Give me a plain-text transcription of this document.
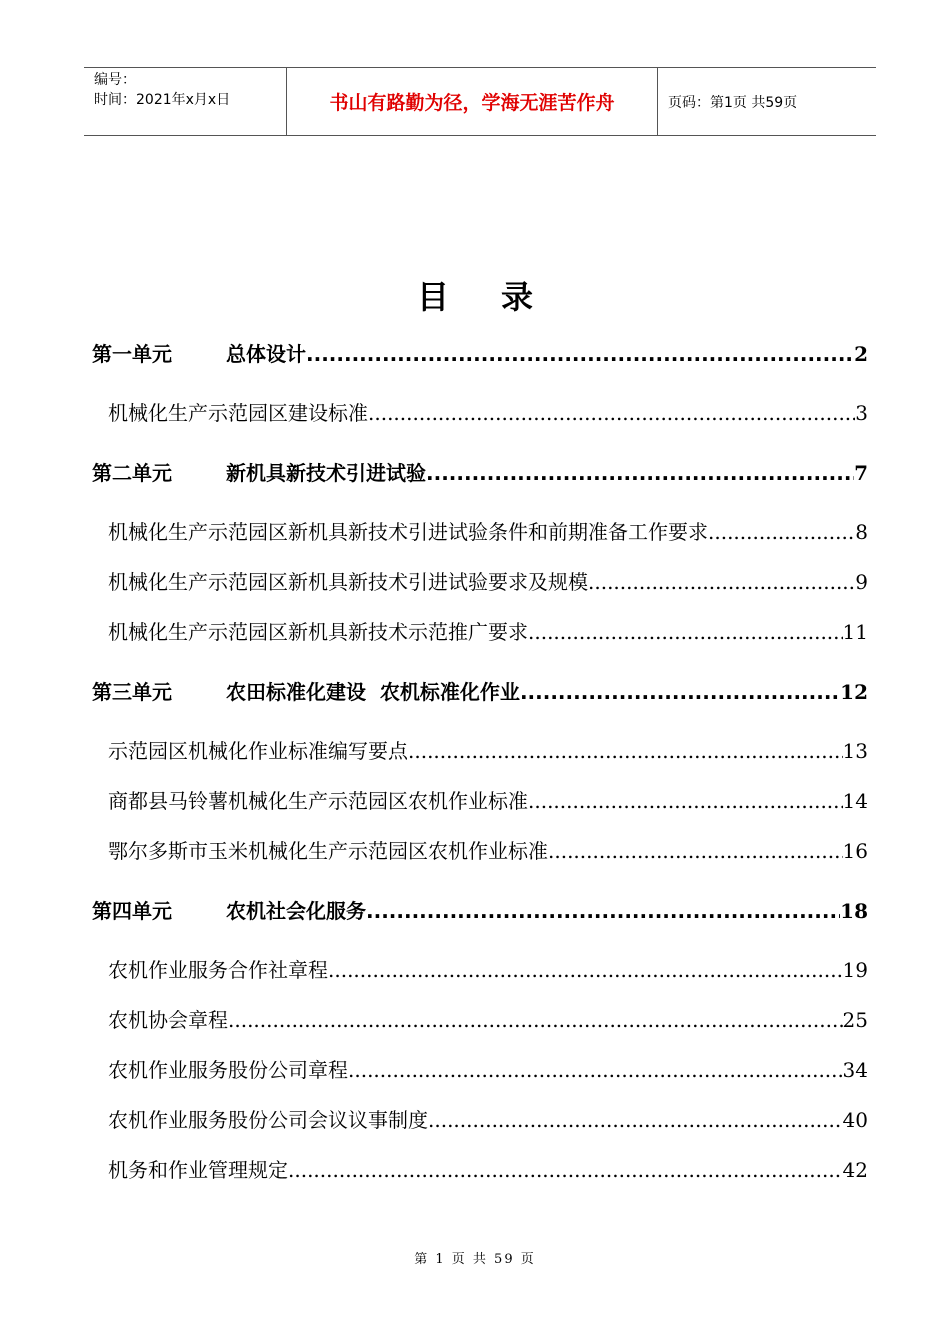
编号：
时间：2021年x月x日	书山有路勤为径，学海无涯苦作舟	页码：第1页 共59页
目录
第一单元	总体设计 .....	2
机械化生产示范园区建设标准 .....	3
第二单元	新机具新技术引进试验 .....	7
机械化生产示范园区新机具新技术引进试验条件和前期准备工作要求 .....	8
机械化生产示范园区新机具新技术引进试验要求及规模 .....	9
机械化生产示范园区新机具新技术示范推广要求 .....	11
第三单元	农田标准化建设  农机标准化作业 .....	12
示范园区机械化作业标准编写要点 .....	13
商都县马铃薯机械化生产示范园区农机作业标准 .....	14
鄂尔多斯市玉米机械化生产示范园区农机作业标准 .....	16
第四单元	农机社会化服务 .....	18
农机作业服务合作社章程 .....	19
农机协会章程 .....	25
农机作业服务股份公司章程 .....	34
农机作业服务股份公司会议议事制度 .....	40
机务和作业管理规定 .....	42
第 1 页 共 59 页
